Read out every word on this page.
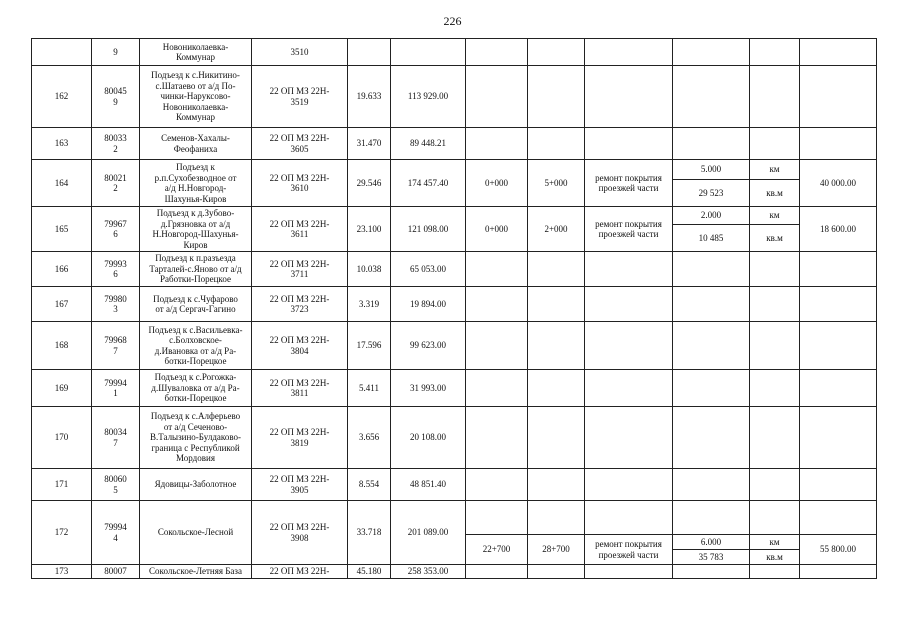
226
	9	Новониколаевка-
Коммунар	3510								
162	80045
9	Подъезд к с.Никитино-
с.Шатаево от а/д По-
чинки-Наруксово-
Новониколаевка-
Коммунар	22 ОП МЗ 22Н-
3519	19.633	113 929.00						
163	80033
2	Семенов-Хахалы-
Феофаниха	22 ОП МЗ 22Н-
3605	31.470	89 448.21						
164	80021
2	Подъезд к
р.п.Сухобезводное от
а/д Н.Новгород-
Шахунья-Киров	22 ОП МЗ 22Н-
3610	29.546	174 457.40	0+000	5+000	ремонт покрытия
проезжей части	5.000	км	40 000.00
									29 523	кв.м	
165	79967
6	Подъезд к д.Зубово-
д.Грязновка от а/д
Н.Новгород-Шахунья-
Киров	22 ОП МЗ 22Н-
3611	23.100	121 098.00	0+000	2+000	ремонт покрытия
проезжей части	2.000	км	18 600.00
									10 485	кв.м	
166	79993
6	Подъезд к п.разъезда
Тарталей-с.Яново от а/д
Работки-Порецкое	22 ОП МЗ 22Н-
3711	10.038	65 053.00						
167	79980
3	Подъезд к с.Чуфарово
от а/д Сергач-Гагино	22 ОП МЗ 22Н-
3723	3.319	19 894.00						
168	79968
7	Подъезд к с.Васильевка-
с.Болховское-
д.Ивановка от а/д Ра-
ботки-Порецкое	22 ОП МЗ 22Н-
3804	17.596	99 623.00						
169	79994
1	Подъезд к с.Рогожка-
д.Шуваловка от а/д Ра-
ботки-Порецкое	22 ОП МЗ 22Н-
3811	5.411	31 993.00						
170	80034
7	Подъезд к с.Алферьево
от а/д Сеченово-
В.Талызино-Булдаково-
граница с Республикой
Мордовия	22 ОП МЗ 22Н-
3819	3.656	20 108.00						
171	80060
5	Ядовицы-Заболотное	22 ОП МЗ 22Н-
3905	8.554	48 851.40						
172	79994
4	Сокольское-Лесной	22 ОП МЗ 22Н-
3908	33.718	201 089.00						
						22+700	28+700	ремонт покрытия
проезжей части	6.000	км	55 800.00
									35 783	кв.м	
173	80007	Сокольское-Летняя База	22 ОП МЗ 22Н-	45.180	258 353.00						
